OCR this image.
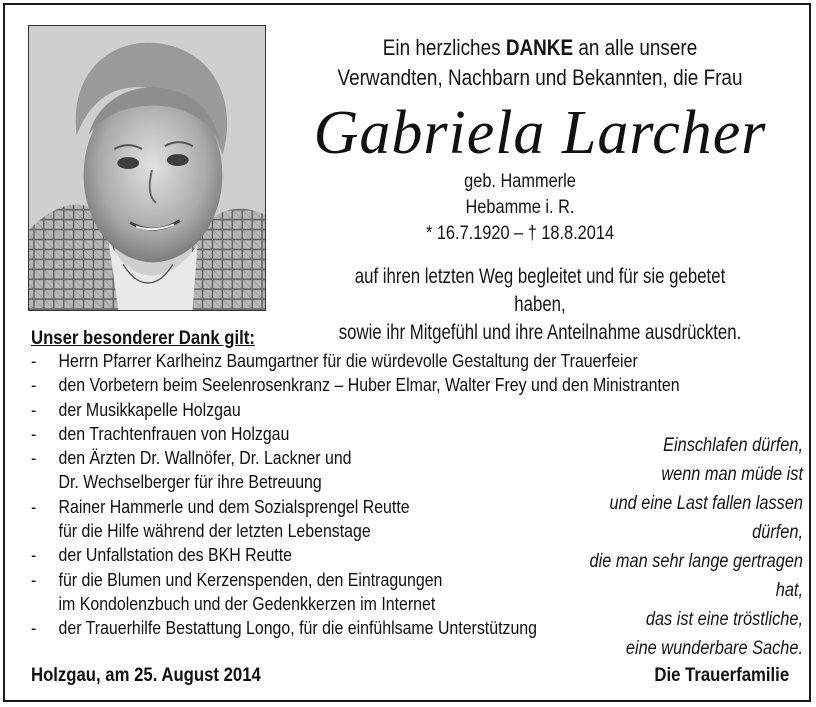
Ein herzliches DANKE an alle unsere
Verwandten, Nachbarn und Bekannten, die Frau
Gabriela Larcher
geb. Hammerle
Hebamme i. R.
* 16.7.1920 – † 18.8.2014
auf ihren letzten Weg begleitet und für sie gebetet haben,
sowie ihr Mitgefühl und ihre Anteilnahme ausdrückten.
Unser besonderer Dank gilt:
- Herrn Pfarrer Karlheinz Baumgartner für die würdevolle Gestaltung der Trauerfeier
- den Vorbetern beim Seelenrosenkranz – Huber Elmar, Walter Frey und den Ministranten
- der Musikkapelle Holzgau
- den Trachtenfrauen von Holzgau
- den Ärzten Dr. Wallnöfer, Dr. Lackner und
Dr. Wechselberger für ihre Betreuung
- Rainer Hammerle und dem Sozialsprengel Reutte
für die Hilfe während der letzten Lebenstage
- der Unfallstation des BKH Reutte
- für die Blumen und Kerzenspenden, den Eintragungen
im Kondolenzbuch und der Gedenkkerzen im Internet
- der Trauerhilfe Bestattung Longo, für die einfühlsame Unterstützung
Einschlafen dürfen,
wenn man müde ist
und eine Last fallen lassen dürfen,
die man sehr lange gertragen hat,
das ist eine tröstliche,
eine wunderbare Sache.
Holzgau, am 25. August 2014	Die Trauerfamilie
